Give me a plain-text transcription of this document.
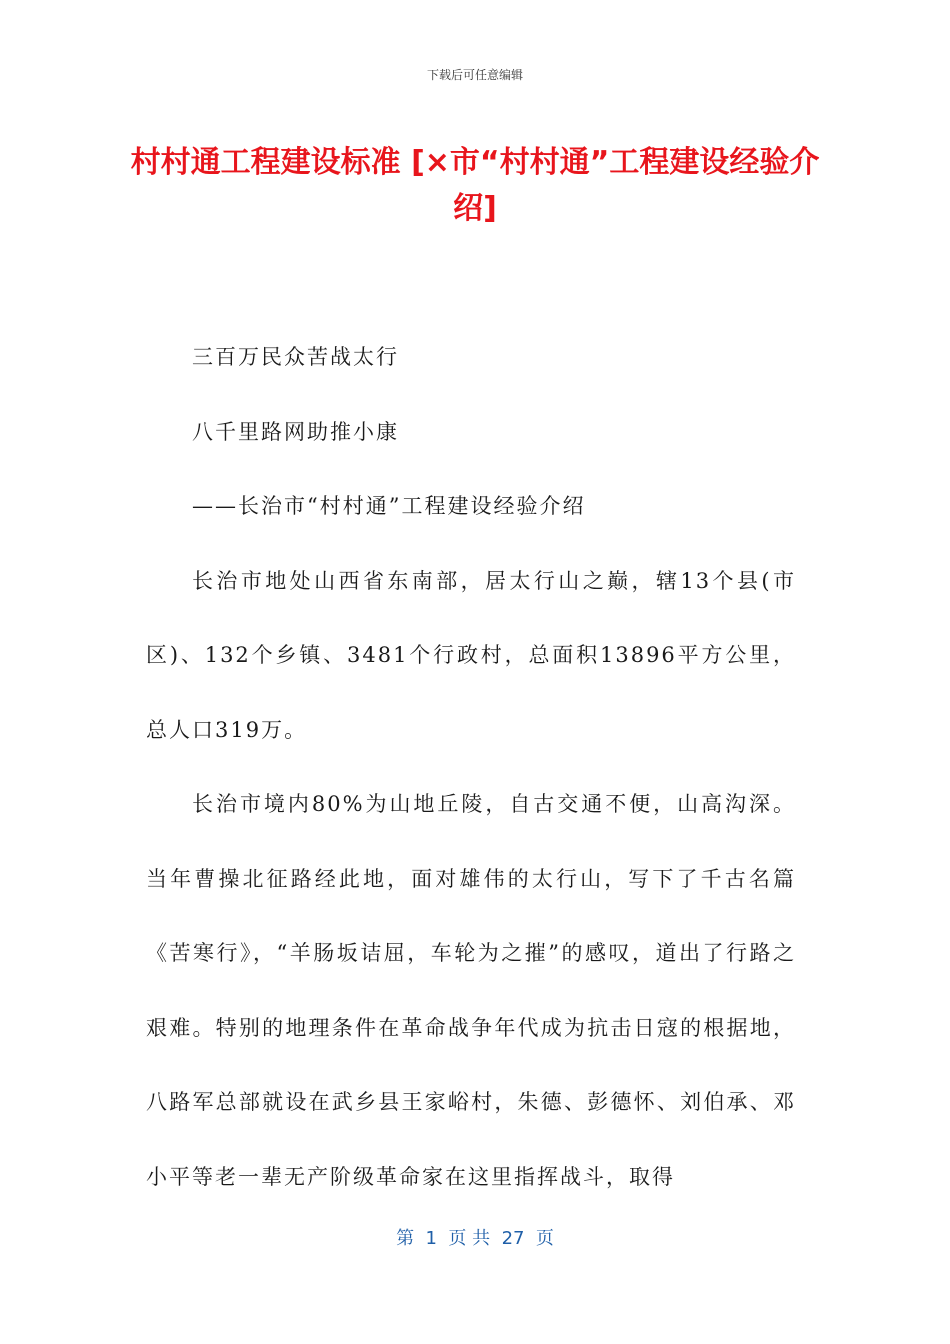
下载后可任意编辑
村村通工程建设标准 [×市“村村通”工程建设经验介绍]

三百万民众苦战太行

八千里路网助推小康

——长治市“村村通”工程建设经验介绍

长治市地处山西省东南部，居太行山之巅，辖13个县(市区)、132个乡镇、3481个行政村，总面积13896平方公里，总人口319万。

长治市境内80%为山地丘陵，自古交通不便，山高沟深。当年曹操北征路经此地，面对雄伟的太行山，写下了千古名篇《苦寒行》，“羊肠坂诘屈，车轮为之摧”的感叹，道出了行路之艰难。特别的地理条件在革命战争年代成为抗击日寇的根据地，八路军总部就设在武乡县王家峪村，朱德、彭德怀、刘伯承、邓小平等老一辈无产阶级革命家在这里指挥战斗，取得

第  1  页 共  27  页
